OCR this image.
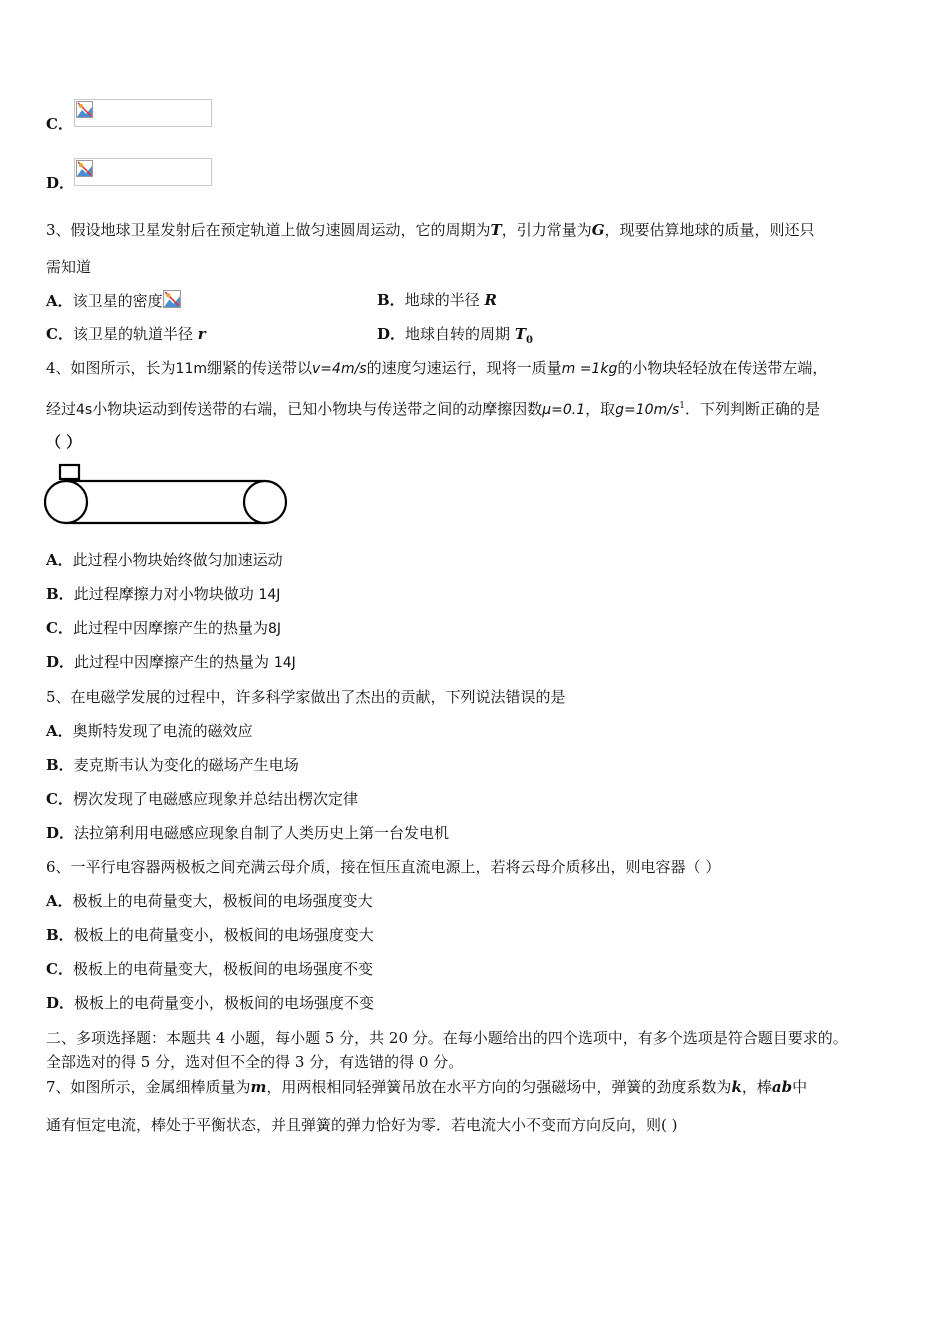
C．
D．
3、假设地球卫星发射后在预定轨道上做匀速圆周运动，它的周期为T，引力常量为G，现要估算地球的质量，则还只
需知道
A．该卫星的密度	B．地球的半径 R
C．该卫星的轨道半径 r	D．地球自转的周期 $T_0$
4、如图所示，长为11m绷紧的传送带以v=4m/s的速度匀速运行，现将一质量m =1kg的小物块轻轻放在传送带左端，
经过4s小物块运动到传送带的右端，已知小物块与传送带之间的动摩擦因数μ=0.1，取$g=10m/s^1$．下列判断正确的是
（ ）
A．此过程小物块始终做匀加速运动
B．此过程摩擦力对小物块做功 14J
C．此过程中因摩擦产生的热量为8J
D．此过程中因摩擦产生的热量为 14J
5、在电磁学发展的过程中，许多科学家做出了杰出的贡献，下列说法错误的是
A．奥斯特发现了电流的磁效应
B．麦克斯韦认为变化的磁场产生电场
C．楞次发现了电磁感应现象并总结出楞次定律
D．法拉第利用电磁感应现象自制了人类历史上第一台发电机
6、一平行电容器两极板之间充满云母介质，接在恒压直流电源上，若将云母介质移出，则电容器（ ）
A．极板上的电荷量变大，极板间的电场强度变大
B．极板上的电荷量变小，极板间的电场强度变大
C．极板上的电荷量变大，极板间的电场强度不变
D．极板上的电荷量变小，极板间的电场强度不变
二、多项选择题：本题共 4 小题，每小题 5 分，共 20 分。在每小题给出的四个选项中，有多个选项是符合题目要求的。
全部选对的得 5 分，选对但不全的得 3 分，有选错的得 0 分。
7、如图所示，金属细棒质量为m，用两根相同轻弹簧吊放在水平方向的匀强磁场中，弹簧的劲度系数为k，棒ab中
通有恒定电流，棒处于平衡状态，并且弹簧的弹力恰好为零．若电流大小不变而方向反向，则( )
